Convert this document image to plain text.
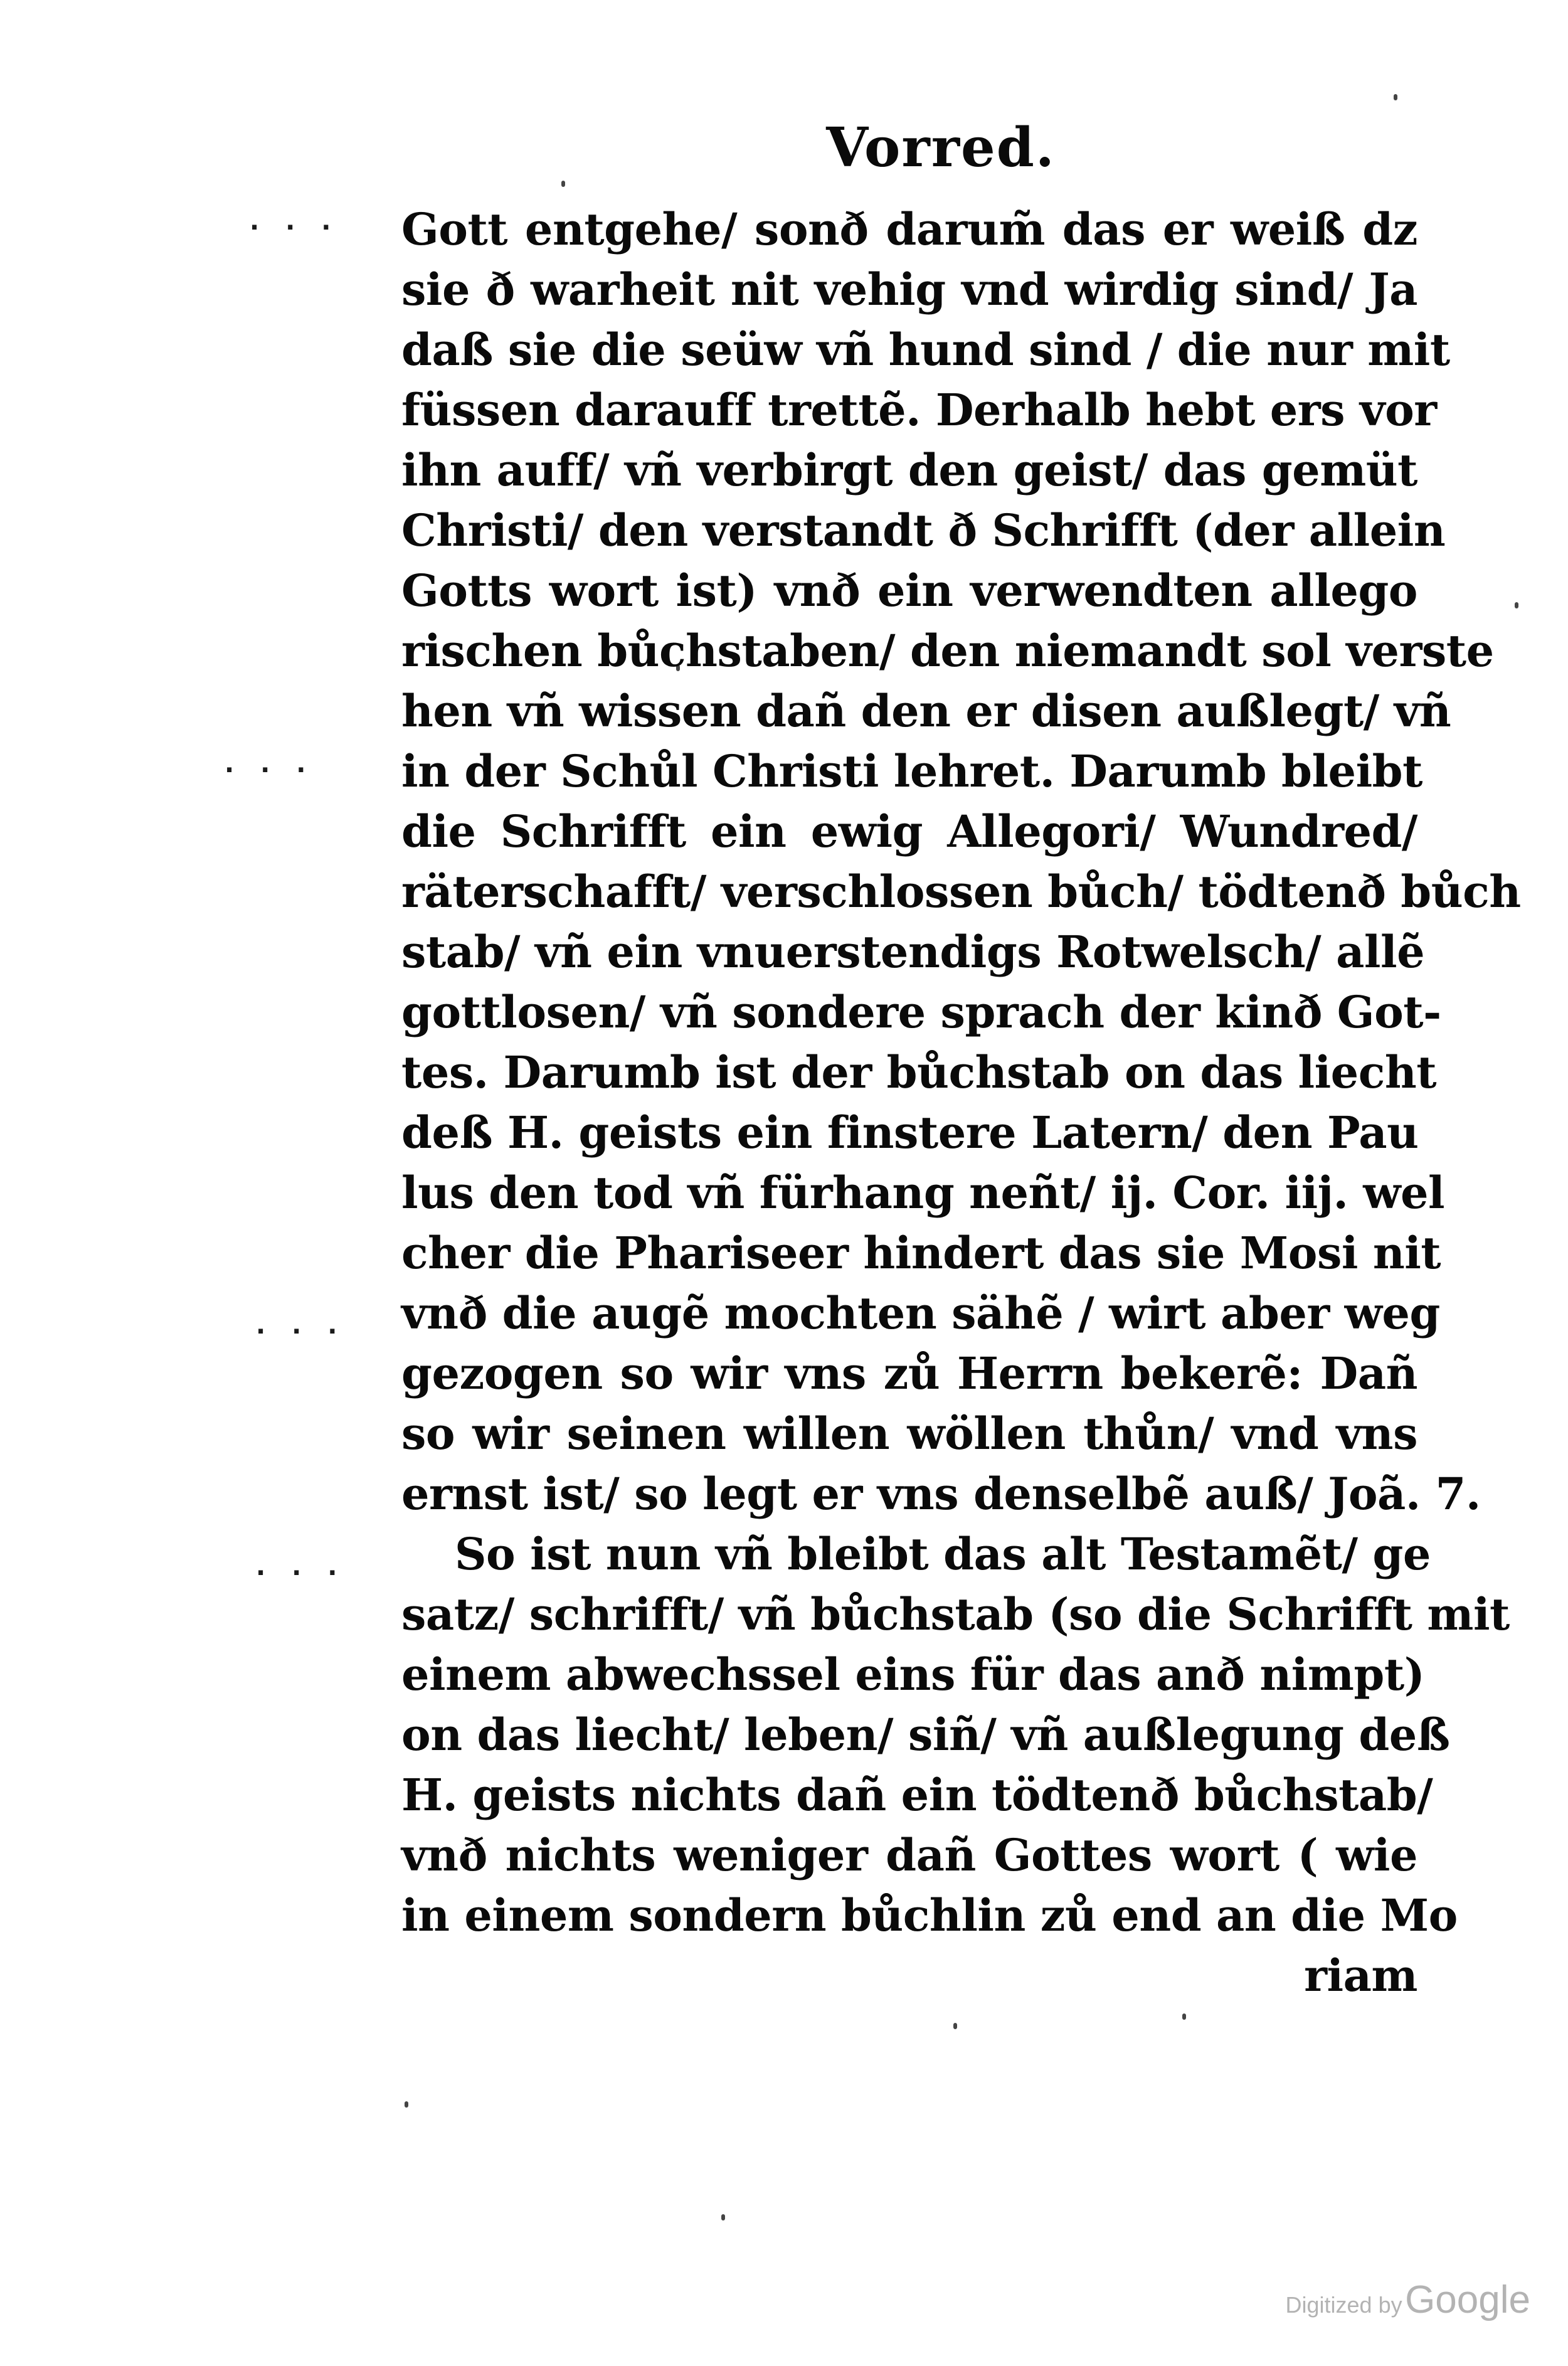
Vorred.
. . .
. . .
. . .
. . .
Gott entgehe/ sonð darum̃ das er weiß dz
sie ð warheit nit vehig vnd wirdig sind/ Ja
daß sie die seüw vñ hund sind / die nur mit
füssen darauff trettẽ. Derhalb hebt ers vor
ihn auff/ vñ verbirgt den geist/ das gemüt
Christi/ den verstandt ð Schrifft (der allein
Gotts wort ist) vnð ein verwendten allego
rischen bůchstaben/ den niemandt sol verste
hen vñ wissen dañ den er disen außlegt/ vñ
in der Schůl Christi lehret. Darumb bleibt
die Schrifft ein ewig Allegori/ Wundred/
räterschafft/ verschlossen bůch/ tödtenð bůch
stab/ vñ ein vnuerstendigs Rotwelsch/ allẽ
gottlosen/ vñ sondere sprach der kinð Got-
tes. Darumb ist der bůchstab on das liecht
deß H. geists ein finstere Latern/ den Pau
lus den tod vñ fürhang neñt/ ij. Cor. iij. wel
cher die Phariseer hindert das sie Mosi nit
vnð die augẽ mochten sähẽ / wirt aber weg
gezogen so wir vns zů Herrn bekerẽ: Dañ
so wir seinen willen wöllen thůn/ vnd vns
ernst ist/ so legt er vns denselbẽ auß/ Joã. 7.
So ist nun vñ bleibt das alt Testamẽt/ ge
satz/ schrifft/ vñ bůchstab (so die Schrifft mit
einem abwechssel eins für das anð nimpt)
on das liecht/ leben/ siñ/ vñ außlegung deß
H. geists nichts dañ ein tödtenð bůchstab/
vnð nichts weniger dañ Gottes wort ( wie
in einem sondern bůchlin zů end an die Mo
riam
Digitized by Google
